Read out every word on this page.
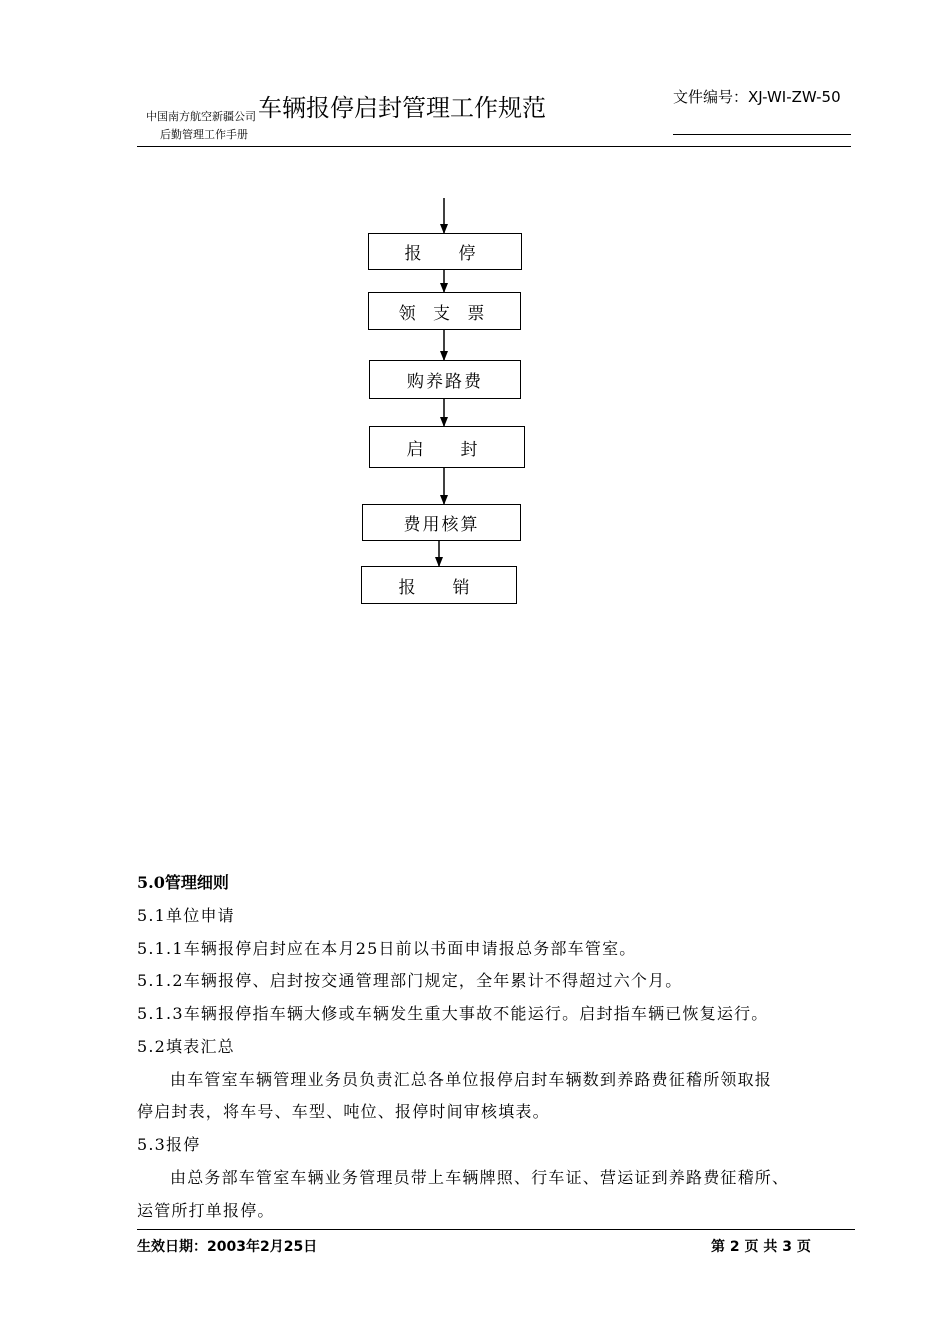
中国南方航空新疆公司
后勤管理工作手册
车辆报停启封管理工作规范	文件编号：XJ-WI-ZW-50
报　停
领 支 票
购养路费
启　封
费用核算
报　销
5.0管理细则
5.1单位申请
5.1.1车辆报停启封应在本月25日前以书面申请报总务部车管室。
5.1.2车辆报停、启封按交通管理部门规定，全年累计不得超过六个月。
5.1.3车辆报停指车辆大修或车辆发生重大事故不能运行。启封指车辆已恢复运行。
5.2填表汇总
由车管室车辆管理业务员负责汇总各单位报停启封车辆数到养路费征稽所领取报
停启封表，将车号、车型、吨位、报停时间审核填表。
5.3报停
由总务部车管室车辆业务管理员带上车辆牌照、行车证、营运证到养路费征稽所、
运管所打单报停。
生效日期：2003年2月25日	第 2 页 共 3 页
